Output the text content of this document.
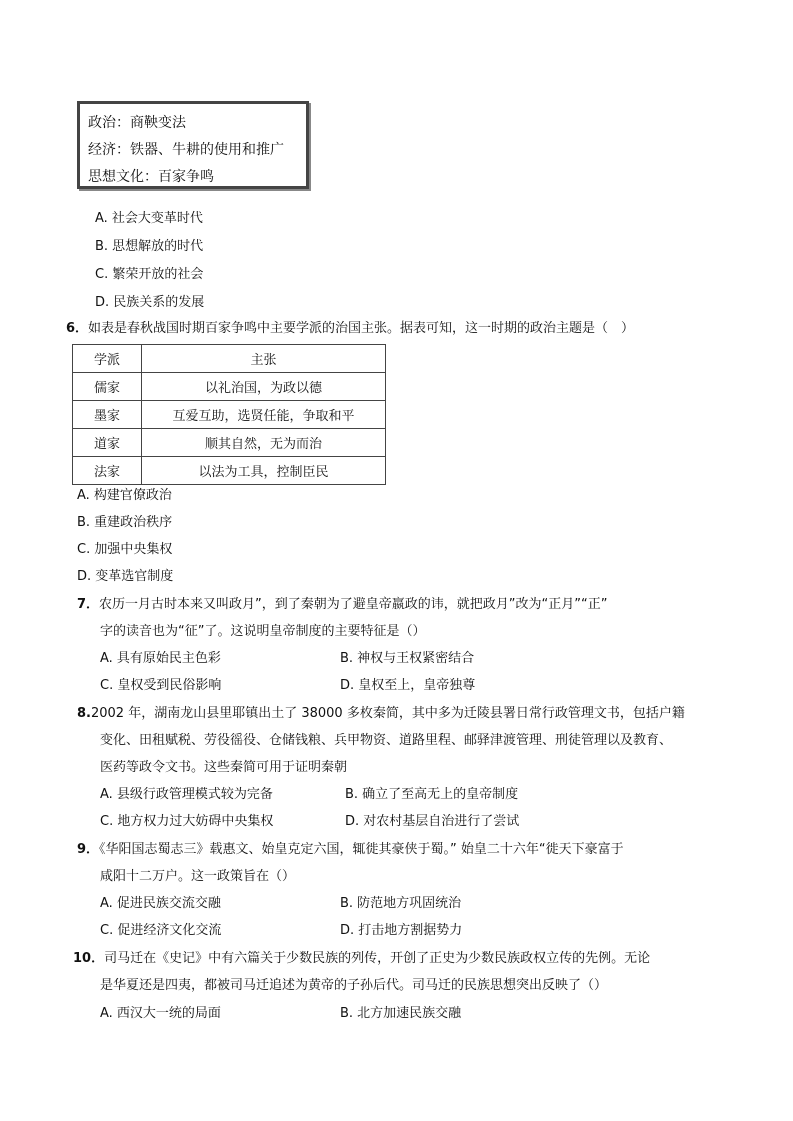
政治：商鞅变法
经济：铁器、牛耕的使用和推广
思想文化：百家争鸣
A. 社会大变革时代
B. 思想解放的时代
C. 繁荣开放的社会
D. 民族关系的发展
6．如表是春秋战国时期百家争鸣中主要学派的治国主张。据表可知，这一时期的政治主题是（　）
学派	主张
儒家	以礼治国，为政以德
墨家	互爱互助，选贤任能，争取和平
道家	顺其自然，无为而治
法家	以法为工具，控制臣民
A. 构建官僚政治
B. 重建政治秩序
C. 加强中央集权
D. 变革选官制度
7．农历一月古时本来又叫政月”，到了秦朝为了避皇帝嬴政的讳，就把政月”改为“正月”“正”
字的读音也为“征”了。这说明皇帝制度的主要特征是（）
A. 具有原始民主色彩	B. 神权与王权紧密结合
C. 皇权受到民俗影响	D. 皇权至上，皇帝独尊
8.2002 年，湖南龙山县里耶镇出土了 38000 多枚秦简，其中多为迁陵县署日常行政管理文书，包括户籍
变化、田租赋税、劳役徭役、仓储钱粮、兵甲物资、道路里程、邮驿津渡管理、刑徒管理以及教育、
医药等政令文书。这些秦简可用于证明秦朝
A. 县级行政管理模式较为完备	B. 确立了至高无上的皇帝制度
C. 地方权力过大妨碍中央集权	D. 对农村基层自治进行了尝试
9．《华阳国志蜀志三》载惠文、始皇克定六国，辄徙其豪侠于蜀。” 始皇二十六年“徙天下豪富于
咸阳十二万户。这一政策旨在（）
A. 促进民族交流交融	B. 防范地方巩固统治
C. 促进经济文化交流	D. 打击地方割据势力
10．司马迁在《史记》中有六篇关于少数民族的列传，开创了正史为少数民族政权立传的先例。无论
是华夏还是四夷，都被司马迁追述为黄帝的子孙后代。司马迁的民族思想突出反映了（）
A. 西汉大一统的局面	B. 北方加速民族交融
